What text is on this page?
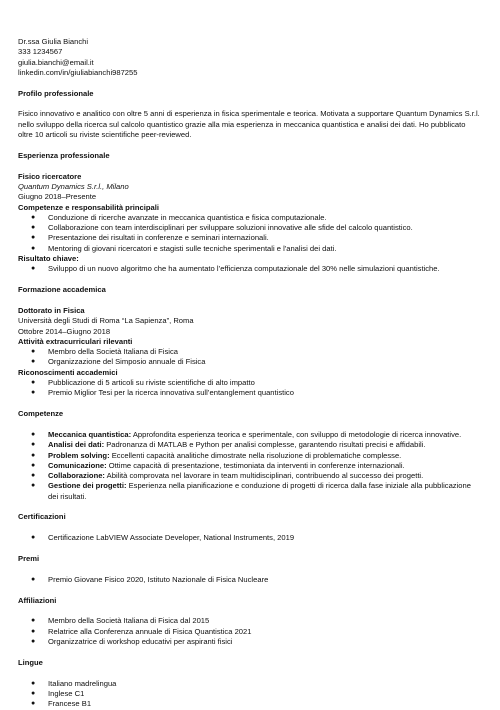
Dr.ssa Giulia Bianchi
333 1234567
giulia.bianchi@email.it
linkedin.com/in/giuliabianchi987255
Profilo professionale
Fisico innovativo e analitico con oltre 5 anni di esperienza in fisica sperimentale e teorica. Motivata a supportare Quantum Dynamics S.r.l. nello sviluppo della ricerca sul calcolo quantistico grazie alla mia esperienza in meccanica quantistica e analisi dei dati. Ho pubblicato oltre 10 articoli su riviste scientifiche peer-reviewed.
Esperienza professionale
Fisico ricercatore
Quantum Dynamics S.r.l., Milano
Giugno 2018–Presente
Competenze e responsabilità principali
● Conduzione di ricerche avanzate in meccanica quantistica e fisica computazionale.
● Collaborazione con team interdisciplinari per sviluppare soluzioni innovative alle sfide del calcolo quantistico.
● Presentazione dei risultati in conferenze e seminari internazionali.
● Mentoring di giovani ricercatori e stagisti sulle tecniche sperimentali e l'analisi dei dati.
Risultato chiave:
● Sviluppo di un nuovo algoritmo che ha aumentato l’efficienza computazionale del 30% nelle simulazioni quantistiche.
Formazione accademica
Dottorato in Fisica
Università degli Studi di Roma “La Sapienza”, Roma
Ottobre 2014–Giugno 2018
Attività extracurriculari rilevanti
● Membro della Società Italiana di Fisica
● Organizzazione del Simposio annuale di Fisica
Riconoscimenti accademici
● Pubblicazione di 5 articoli su riviste scientifiche di alto impatto
● Premio Miglior Tesi per la ricerca innovativa sull’entanglement quantistico
Competenze
● Meccanica quantistica: Approfondita esperienza teorica e sperimentale, con sviluppo di metodologie di ricerca innovative.
● Analisi dei dati: Padronanza di MATLAB e Python per analisi complesse, garantendo risultati precisi e affidabili.
● Problem solving: Eccellenti capacità analitiche dimostrate nella risoluzione di problematiche complesse.
● Comunicazione: Ottime capacità di presentazione, testimoniata da interventi in conferenze internazionali.
● Collaborazione: Abilità comprovata nel lavorare in team multidisciplinari, contribuendo al successo dei progetti.
● Gestione dei progetti: Esperienza nella pianificazione e conduzione di progetti di ricerca dalla fase iniziale alla pubblicazione dei risultati.
Certificazioni
● Certificazione LabVIEW Associate Developer, National Instruments, 2019
Premi
● Premio Giovane Fisico 2020, Istituto Nazionale di Fisica Nucleare
Affiliazioni
● Membro della Società Italiana di Fisica dal 2015
● Relatrice alla Conferenza annuale di Fisica Quantistica 2021
● Organizzatrice di workshop educativi per aspiranti fisici
Lingue
● Italiano madrelingua
● Inglese C1
● Francese B1
